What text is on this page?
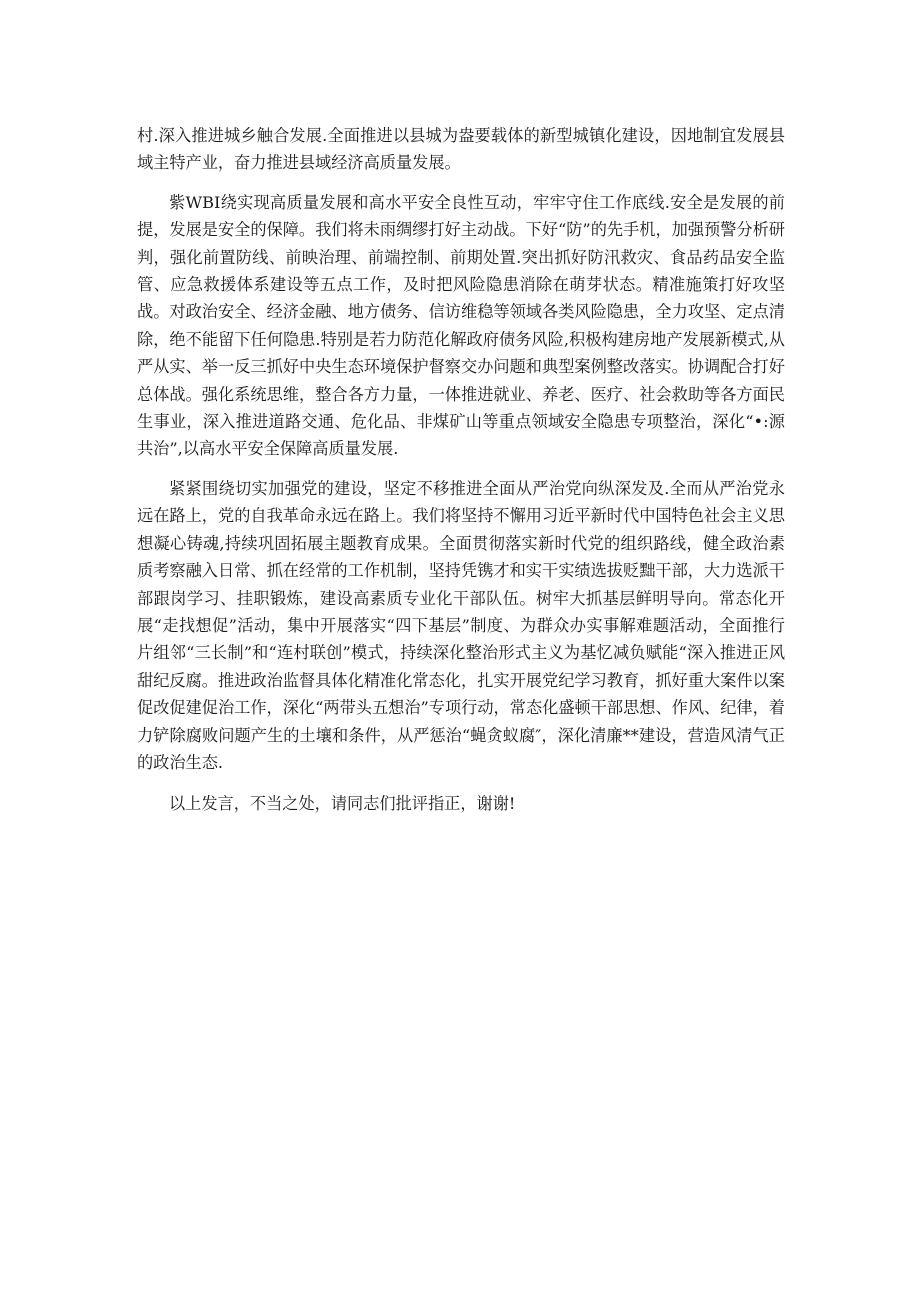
村.深入推进城乡触合发展.全面推进以县城为盎要载体的新型城镇化建设，因地制宜发展县域主特产业，奋力推进县域经济高质量发展。

紫WBI绕实现高质量发展和高水平安全良性互动，牢牢守住工作底线.安全是发展的前提，发展是安全的保障。我们将未雨绸缪打好主动战。下好“防”的先手机，加强预警分析研判，强化前置防线、前映治理、前端控制、前期处置.突出抓好防汛救灾、食品药品安全监管、应急救援体系建设等五点工作，及时把风险隐患消除在萌芽状态。精准施策打好攻坚战。对政治安全、经济金融、地方债务、信访维稳等领域各类风险隐患，全力攻坚、定点清除，绝不能留下任何隐患.特别是若力防范化解政府债务风险,积极构建房地产发展新模式,从严从实、举一反三抓好中央生态环境保护督察交办问题和典型案例整改落实。协调配合打好总体战。强化系统思维，整合各方力量，一体推进就业、养老、医疗、社会救助等各方面民生事业，深入推进道路交通、危化品、非煤矿山等重点领域安全隐患专项整治，深化“•:源共治”,以高水平安全保障高质量发展.

紧紧围绕切实加强党的建设，坚定不移推进全面从严治党向纵深发及.全而从严治党永远在路上，党的自我革命永远在路上。我们将坚持不懈用习近平新时代中国特色社会主义思想凝心铸魂,持续巩固拓展主题教育成果。全面贯彻落实新时代党的组织路线，健全政治素质考察融入日常、抓在经常的工作机制，坚持凭镌才和实干实绩选拔贬黜干部，大力选派干部跟岗学习、挂职锻炼，建设高素质专业化干部队伍。树牢大抓基层鲜明导向。常态化开展“走找想促”活动，集中开展落实“四下基层”制度、为群众办实事解难题活动，全面推行片组邻“三长制”和“连村联创”模式，持续深化整治形式主义为基忆减负赋能“深入推进正风甜纪反腐。推进政治监督具体化精准化常态化，扎实开展党纪学习教育，抓好重大案件以案促改促建促治工作，深化“两带头五想治”专项行动，常态化盛顿干部思想、作风、纪律，着力铲除腐败问题产生的土壤和条件，从严惩治“蝇贪蚁腐″，深化清廉**建设，营造风清气正的政治生态.

以上发言，不当之处，请同志们批评指正，谢谢!
